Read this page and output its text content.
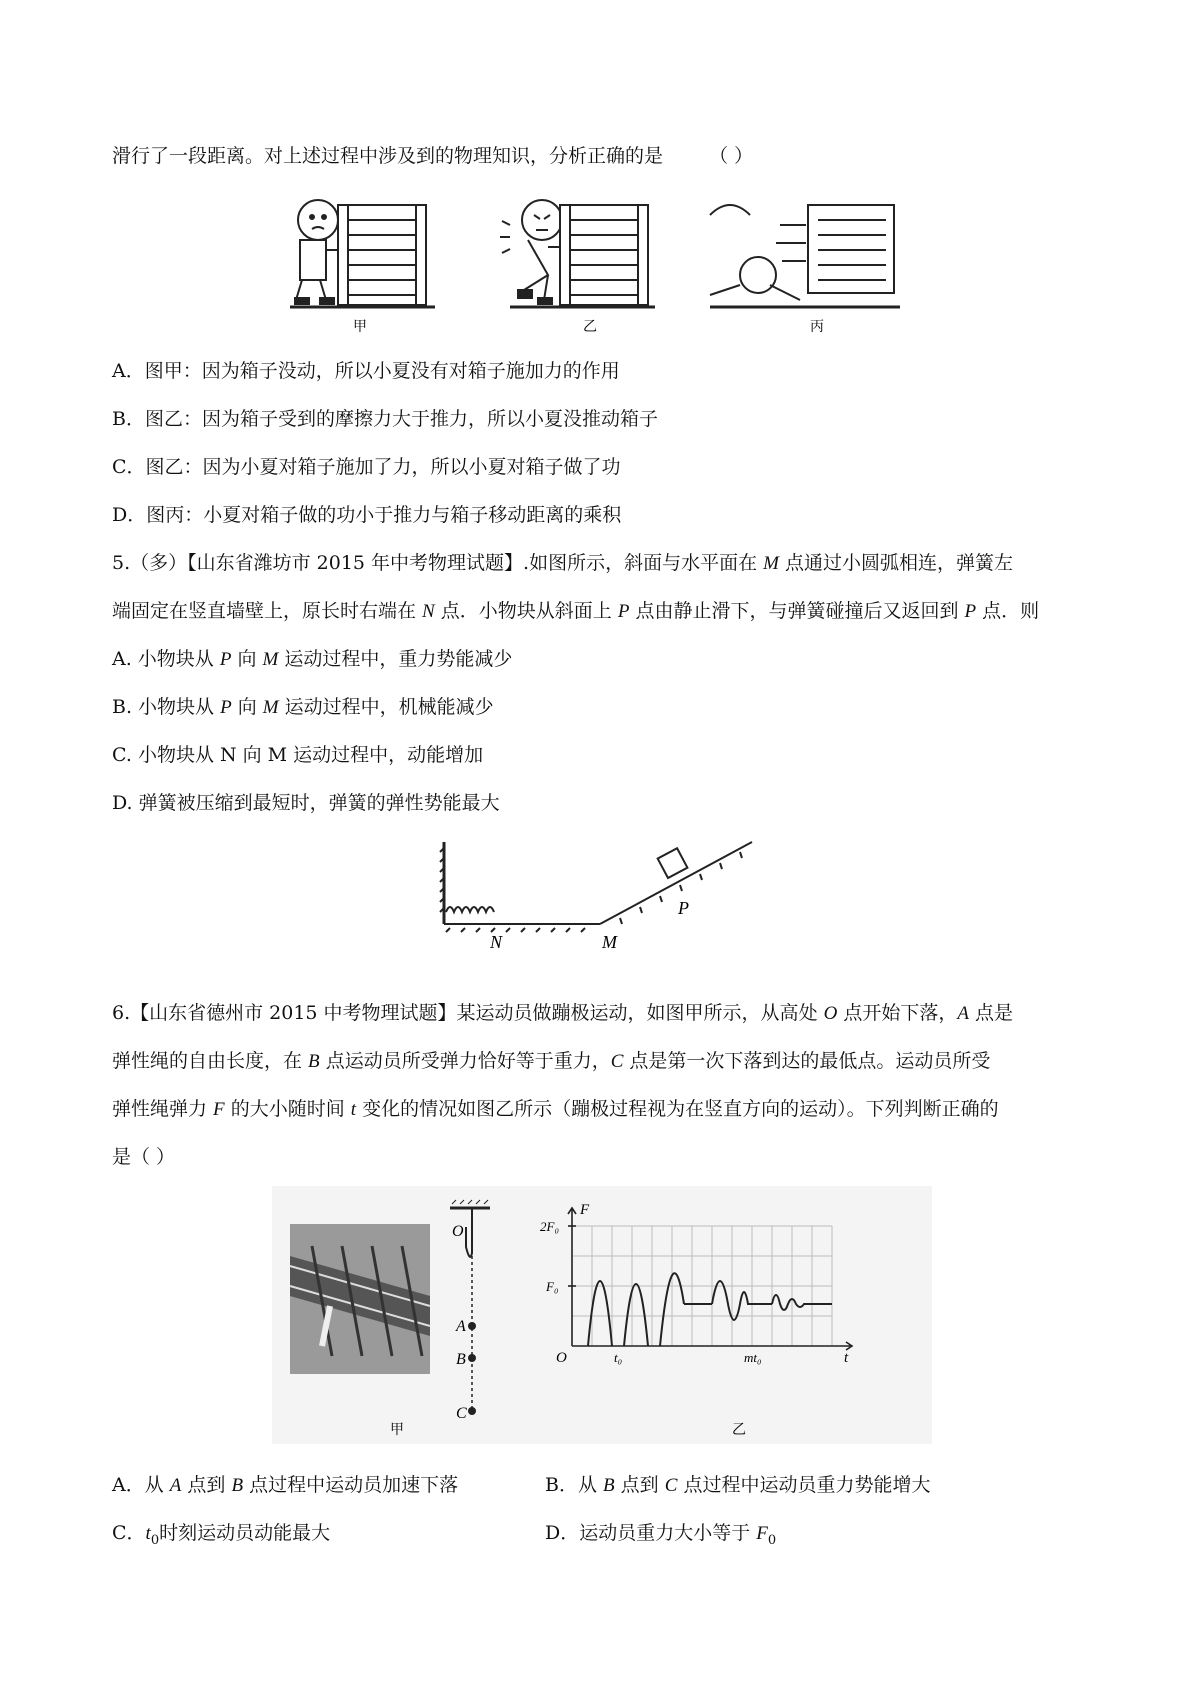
滑行了一段距离。对上述过程中涉及到的物理知识，分析正确的是 （ ）
甲	乙	丙
A．图甲：因为箱子没动，所以小夏没有对箱子施加力的作用
B．图乙：因为箱子受到的摩擦力大于推力，所以小夏没推动箱子
C．图乙：因为小夏对箱子施加了力，所以小夏对箱子做了功
D．图丙：小夏对箱子做的功小于推力与箱子移动距离的乘积
5.（多）【山东省潍坊市 2015 年中考物理试题】.如图所示，斜面与水平面在 M 点通过小圆弧相连，弹簧左
端固定在竖直墙壁上，原长时右端在 N 点．小物块从斜面上 P 点由静止滑下，与弹簧碰撞后又返回到 P 点．则
A. 小物块从 P 向 M 运动过程中，重力势能减少
B. 小物块从 P 向 M 运动过程中，机械能减少
C. 小物块从 N 向 M 运动过程中，动能增加
D. 弹簧被压缩到最短时，弹簧的弹性势能最大
N	M
P
6.【山东省德州市 2015 中考物理试题】某运动员做蹦极运动，如图甲所示，从高处 O 点开始下落，A 点是
弹性绳的自由长度，在 B 点运动员所受弹力恰好等于重力，C 点是第一次下落到达的最低点。运动员所受
弹性绳弹力 F 的大小随时间 t 变化的情况如图乙所示（蹦极过程视为在竖直方向的运动）。下列判断正确的
是（ ）
O
A
B
C
甲
2F₀
F₀
O	t₀	mt₀	t
F
乙
A．从 A 点到 B 点过程中运动员加速下落	B．从 B 点到 C 点过程中运动员重力势能增大
C．$t_0$时刻运动员动能最大	D．运动员重力大小等于 $F_0$
